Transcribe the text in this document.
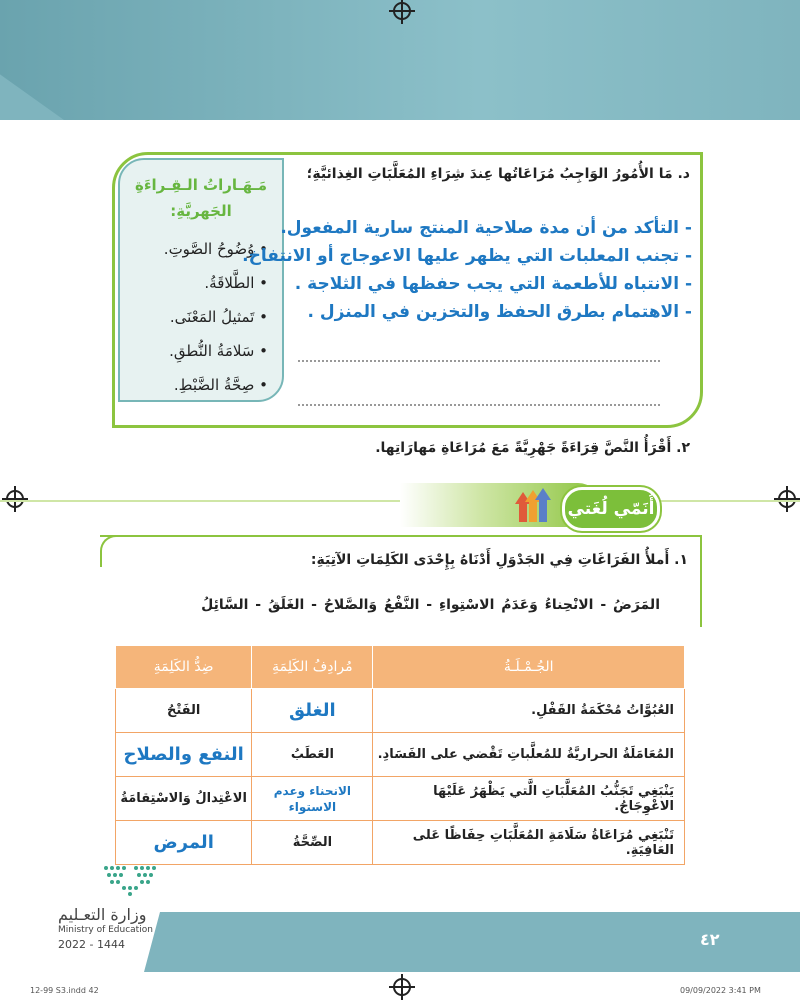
مَـهَـاراتُ الـقِـراءَةِ الجَهريَّةِ:
• وُضُوحُ الصَّوتِ.
• الطَّلاقَةُ.
• تَمثيلُ المَعْنَى.
• سَلامَةُ النُّطقِ.
• صِحَّةُ الضَّبْطِ.
د. مَا الأُمُورُ الوَاجِبُ مُرَاعَاتُها عِندَ شِرَاءِ المُعَلَّبَاتِ الغِذائيَّةِ؛
- التأكد من أن مدة صلاحية المنتج سارية المفعول.
- تجنب المعلبات التي يظهر عليها الاعوجاج أو الانتفاخ.
- الانتباه للأطعمة التي يجب حفظها في الثلاجة .
- الاهتمام بطرق الحفظ والتخزين في المنزل .
٢. أَقْرَأُ النَّصَّ قِرَاءَةً جَهْرِيَّةً مَعَ مُرَاعَاةِ مَهارَاتِها.
أُنَمّي لُغَتي
١. أَملأُ الفَرَاغَاتِ فِي الجَدْوَلِ أَدْنَاهُ بِإِحْدَى الكَلِمَاتِ الآتِيَةِ:
المَرَضُ - الانْحِناءُ وَعَدَمُ الاسْتِواءِ - النَّفْعُ وَالصَّلاحُ - الغَلَقُ - السَّائِلُ
الجُـمْـلَـةُ	مُرادِفُ الكَلِمَةِ	ضِدُّ الكَلِمَةِ
العُبُوَّاتُ مُحْكَمَةُ القَفْلِ.	الغلق	الفَتْحُ
المُعَامَلَةُ الحراريَّةُ للمُعلَّباتِ تَقْضي على الفَسَادِ.	العَطَبُ	النفع والصلاح
يَنْبَغِي تَجَنُّبُ المُعَلَّبَاتِ الَّتي يَظْهَرُ عَلَيْهَا الاعْوِجَاجُ.	الانحناء وعدم الاستواء	الاعْتِدالُ وَالاسْتِقامَةُ
تَنْبَغِي مُرَاعَاةُ سَلَامَةِ المُعَلَّبَاتِ حِفَاظًا عَلى العَافِيَةِ.	الصِّحَّةُ	المرض
٤٢
وزارة التعـليم
Ministry of Education
2022 - 1444
12-99 S3.indd 42	09/09/2022 3:41 PM
